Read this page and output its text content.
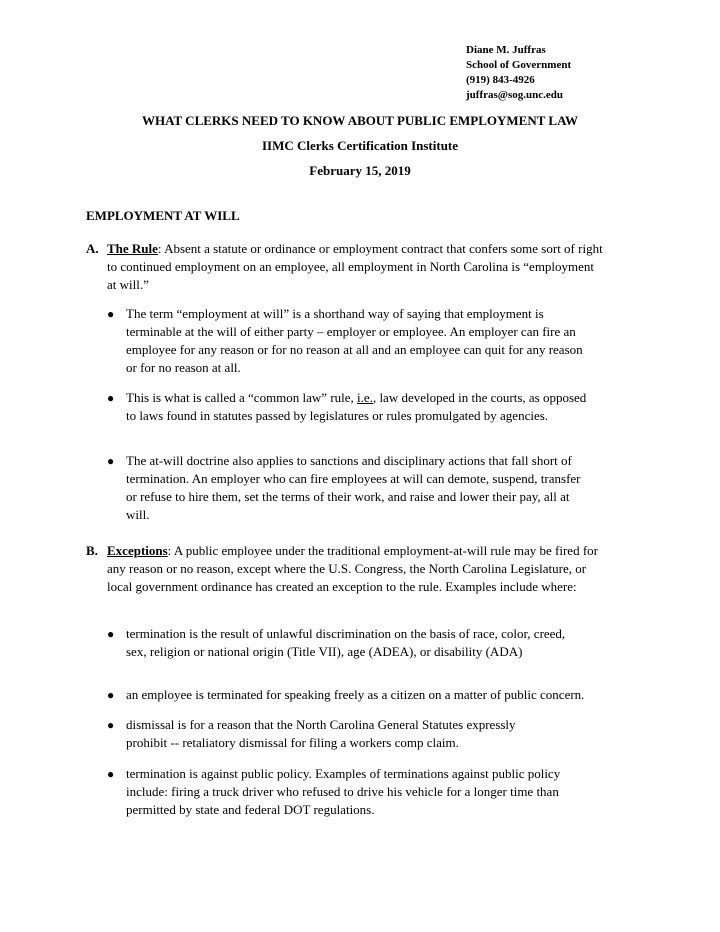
Diane M. Juffras
School of Government
(919) 843-4926
juffras@sog.unc.edu
WHAT CLERKS NEED TO KNOW ABOUT PUBLIC EMPLOYMENT LAW
IIMC Clerks Certification Institute
February 15, 2019
EMPLOYMENT AT WILL
A. The Rule: Absent a statute or ordinance or employment contract that confers some sort of right to continued employment on an employee, all employment in North Carolina is “employment at will.”
● The term “employment at will” is a shorthand way of saying that employment is terminable at the will of either party – employer or employee. An employer can fire an employee for any reason or for no reason at all and an employee can quit for any reason or for no reason at all.
● This is what is called a “common law” rule, i.e., law developed in the courts, as opposed to laws found in statutes passed by legislatures or rules promulgated by agencies.
● The at-will doctrine also applies to sanctions and disciplinary actions that fall short of termination. An employer who can fire employees at will can demote, suspend, transfer or refuse to hire them, set the terms of their work, and raise and lower their pay, all at will.
B. Exceptions: A public employee under the traditional employment-at-will rule may be fired for any reason or no reason, except where the U.S. Congress, the North Carolina Legislature, or local government ordinance has created an exception to the rule. Examples include where:
● termination is the result of unlawful discrimination on the basis of race, color, creed, sex, religion or national origin (Title VII), age (ADEA), or disability (ADA)
● an employee is terminated for speaking freely as a citizen on a matter of public concern.
● dismissal is for a reason that the North Carolina General Statutes expressly prohibit -- retaliatory dismissal for filing a workers comp claim.
● termination is against public policy. Examples of terminations against public policy include: firing a truck driver who refused to drive his vehicle for a longer time than permitted by state and federal DOT regulations.
